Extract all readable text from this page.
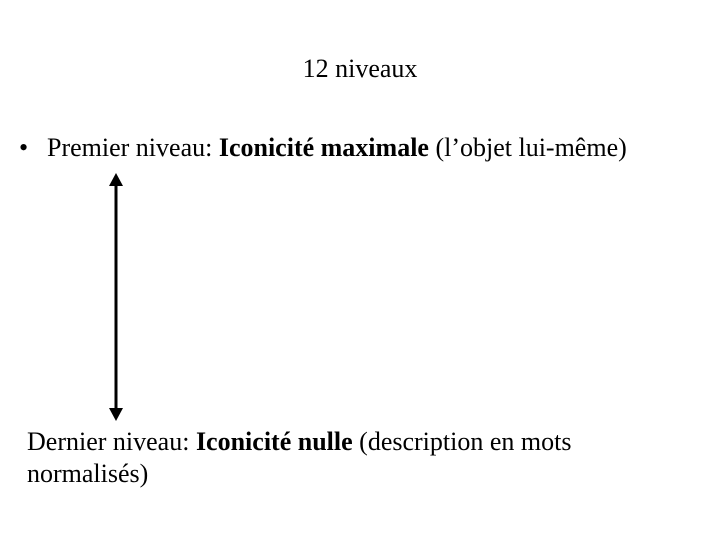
12 niveaux
• Premier niveau: Iconicité maximale (l’objet lui-même)
Dernier niveau: Iconicité nulle (description en mots normalisés)
